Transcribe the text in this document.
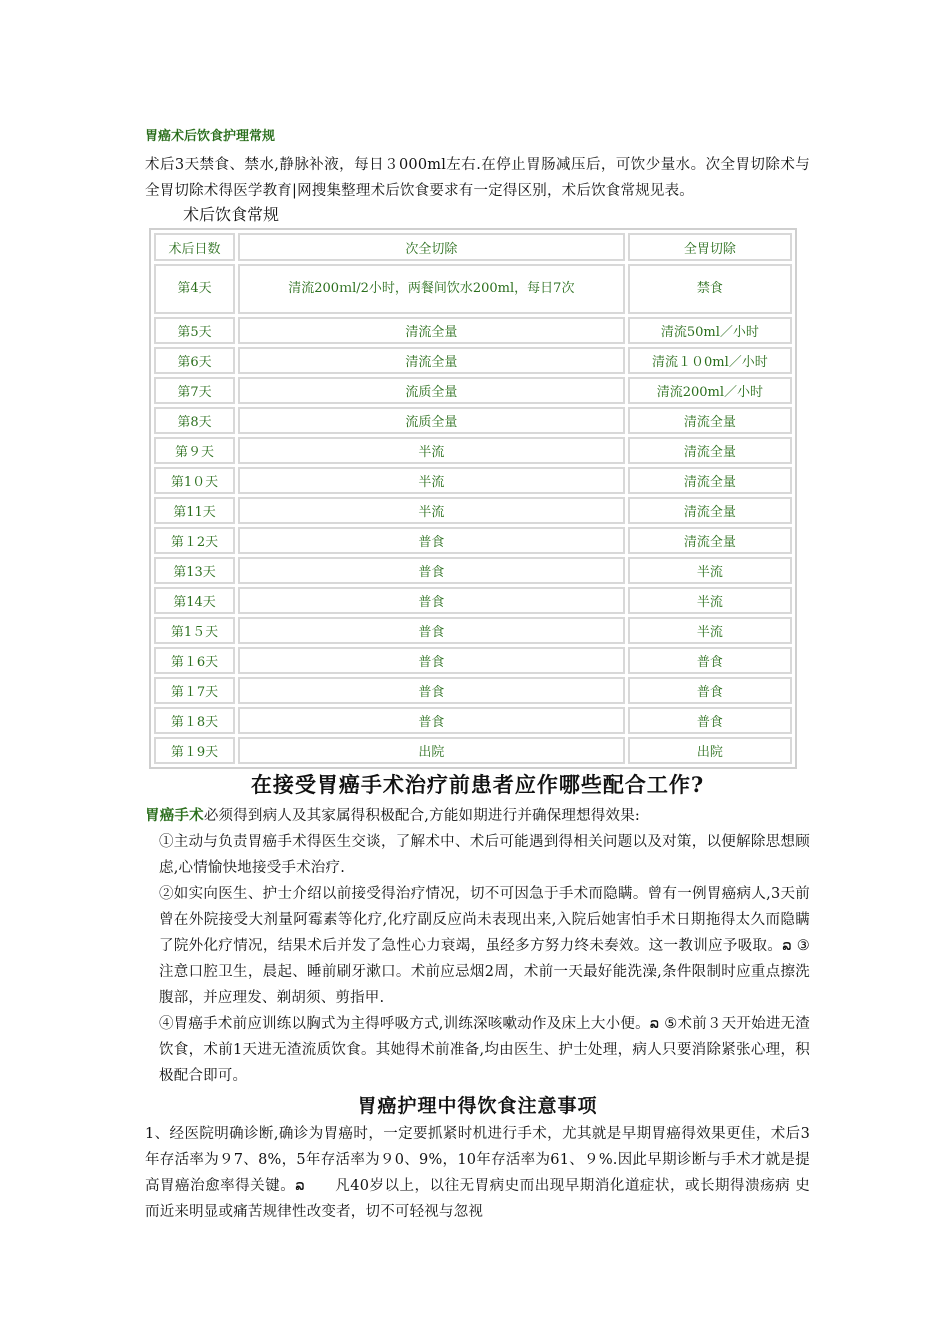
胃癌术后饮食护理常规

术后3天禁食、禁水,静脉补液，每日３000ml左右.在停止胃肠减压后，可饮少量水。次全胃切除术与全胃切除术得医学教育|网搜集整理术后饮食要求有一定得区别，术后饮食常规见表。

术后饮食常规
术后日数	次全切除	全胃切除
第4天	清流200ｍl/2小时，两餐间饮水200ml，每日7次	禁食
第5天	清流全量	清流50ml／小时
第6天	清流全量	清流１０0ml／小时
第7天	流质全量	清流200ml／小时
第8天	流质全量	清流全量
第９天	半流	清流全量
第1０天	半流	清流全量
第11天	半流	清流全量
第１2天	普食	清流全量
第13天	普食	半流
第14天	普食	半流
第1５天	普食	半流
第１6天	普食	普食
第１7天	普食	普食
第１8天	普食	普食
第１9天	出院	出院
在接受胃癌手术治疗前患者应作哪些配合工作?

胃癌手术必须得到病人及其家属得积极配合,方能如期进行并确保理想得效果:

①主动与负责胃癌手术得医生交谈，了解术中、术后可能遇到得相关问题以及对策，以便解除思想顾虑,心情愉快地接受手术治疗.

②如实向医生、护士介绍以前接受得治疗情况，切不可因急于手术而隐瞒。曾有一例胃癌病人,3天前曾在外院接受大剂量阿霉素等化疗,化疗副反应尚未表现出来,入院后她害怕手术日期拖得太久而隐瞒了院外化疗情况，结果术后并发了急性心力衰竭，虽经多方努力终未奏效。这一教训应予吸取。ລ ③注意口腔卫生，晨起、睡前刷牙漱口。术前应忌烟2周，术前一天最好能洗澡,条件限制时应重点擦洗腹部，并应理发、剃胡须、剪指甲.

④胃癌手术前应训练以胸式为主得呼吸方式,训练深咳嗽动作及床上大小便。ລ ⑤术前３天开始进无渣饮食，术前1天进无渣流质饮食。其她得术前准备,均由医生、护士处理，病人只要消除紧张心理，积极配合即可。

胃癌护理中得饮食注意事项

1、经医院明确诊断,确诊为胃癌时，一定要抓紧时机进行手术，尤其就是早期胃癌得效果更佳，术后3年存活率为９7、8%，5年存活率为９0、9%，10年存活率为61、９%.因此早期诊断与手术才就是提高胃癌治愈率得关键。ລ　　凡40岁以上，以往无胃病史而出现早期消化道症状，或长期得溃疡病 史而近来明显或痛苦规律性改变者，切不可轻视与忽视
